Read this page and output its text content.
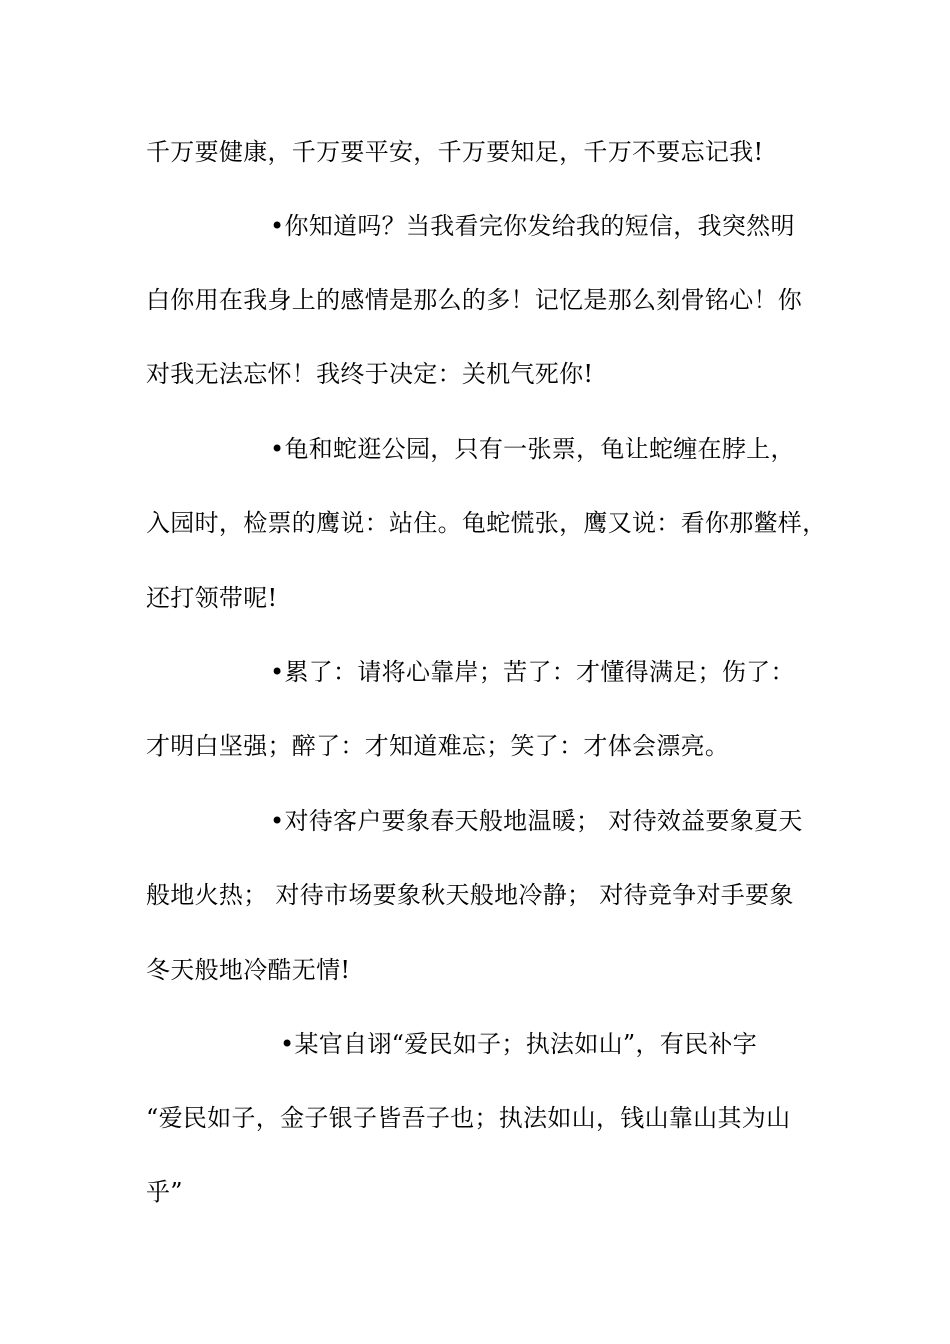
千万要健康，千万要平安，千万要知足，千万不要忘记我!
•你知道吗？当我看完你发给我的短信，我突然明
白你用在我身上的感情是那么的多！记忆是那么刻骨铭心！你
对我无法忘怀！我终于决定：关机气死你!
•龟和蛇逛公园，只有一张票，龟让蛇缠在脖上，
入园时，检票的鹰说：站住。龟蛇慌张，鹰又说：看你那鳖样，
还打领带呢!
•累了：请将心靠岸；苦了：才懂得满足；伤了：
才明白坚强；醉了：才知道难忘；笑了：才体会漂亮。
•对待客户要象春天般地温暖； 对待效益要象夏天
般地火热； 对待市场要象秋天般地冷静； 对待竞争对手要象
冬天般地冷酷无情!
•某官自诩“爱民如子；执法如山”，有民补字
“爱民如子，金子银子皆吾子也；执法如山，钱山靠山其为山
乎”
